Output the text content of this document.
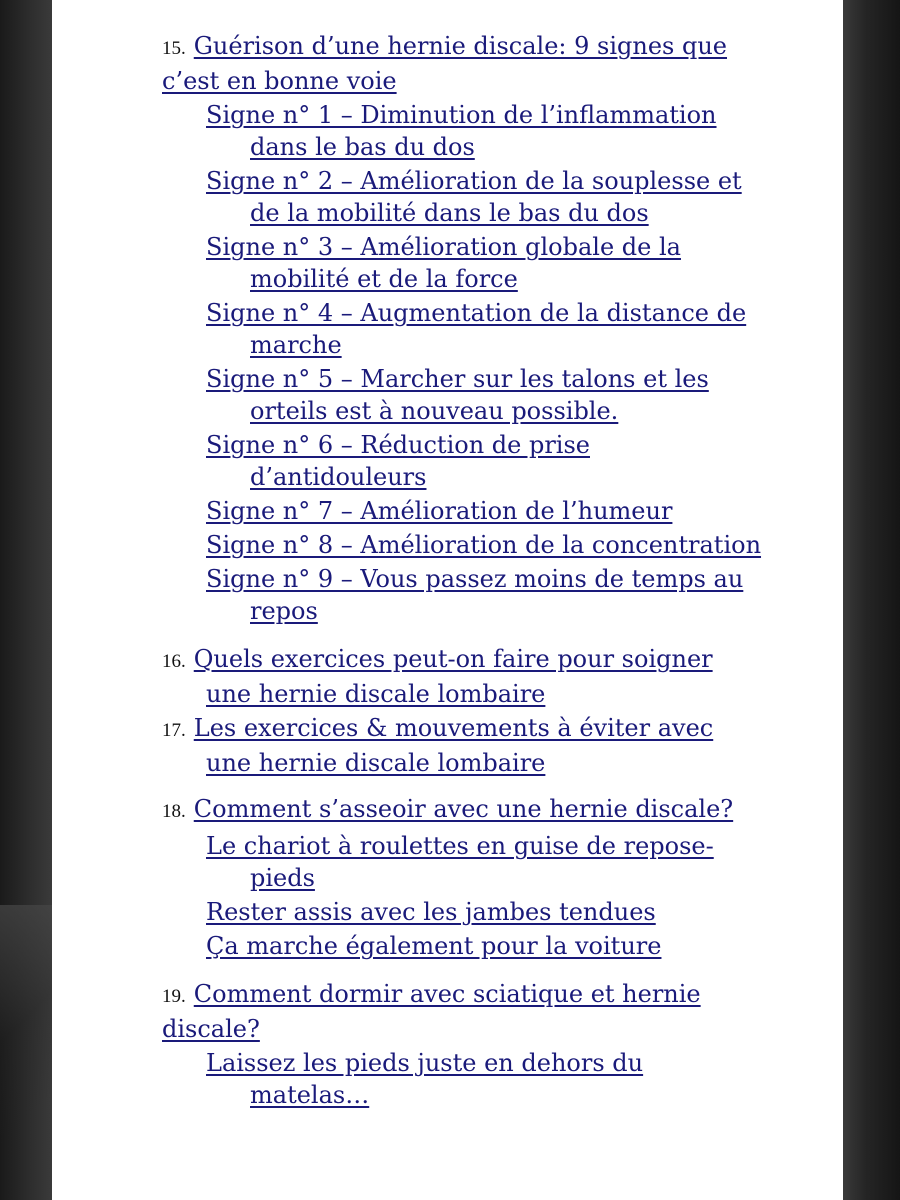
15. Guérison d’une hernie discale: 9 signes que c’est en bonne voie

Signe n° 1 – Diminution de l’inflammation dans le bas du dos

Signe n° 2 – Amélioration de la souplesse et de la mobilité dans le bas du dos

Signe n° 3 – Amélioration globale de la mobilité et de la force

Signe n° 4 – Augmentation de la distance de marche

Signe n° 5 – Marcher sur les talons et les orteils est à nouveau possible.

Signe n° 6 – Réduction de prise d’antidouleurs

Signe n° 7 – Amélioration de l’humeur

Signe n° 8 – Amélioration de la concentration

Signe n° 9 – Vous passez moins de temps au repos

16. Quels exercices peut-on faire pour soigner une hernie discale lombaire

17. Les exercices & mouvements à éviter avec une hernie discale lombaire

18. Comment s’asseoir avec une hernie discale?

Le chariot à roulettes en guise de repose-pieds

Rester assis avec les jambes tendues

Ça marche également pour la voiture

19. Comment dormir avec sciatique et hernie discale?

Laissez les pieds juste en dehors du matelas…
